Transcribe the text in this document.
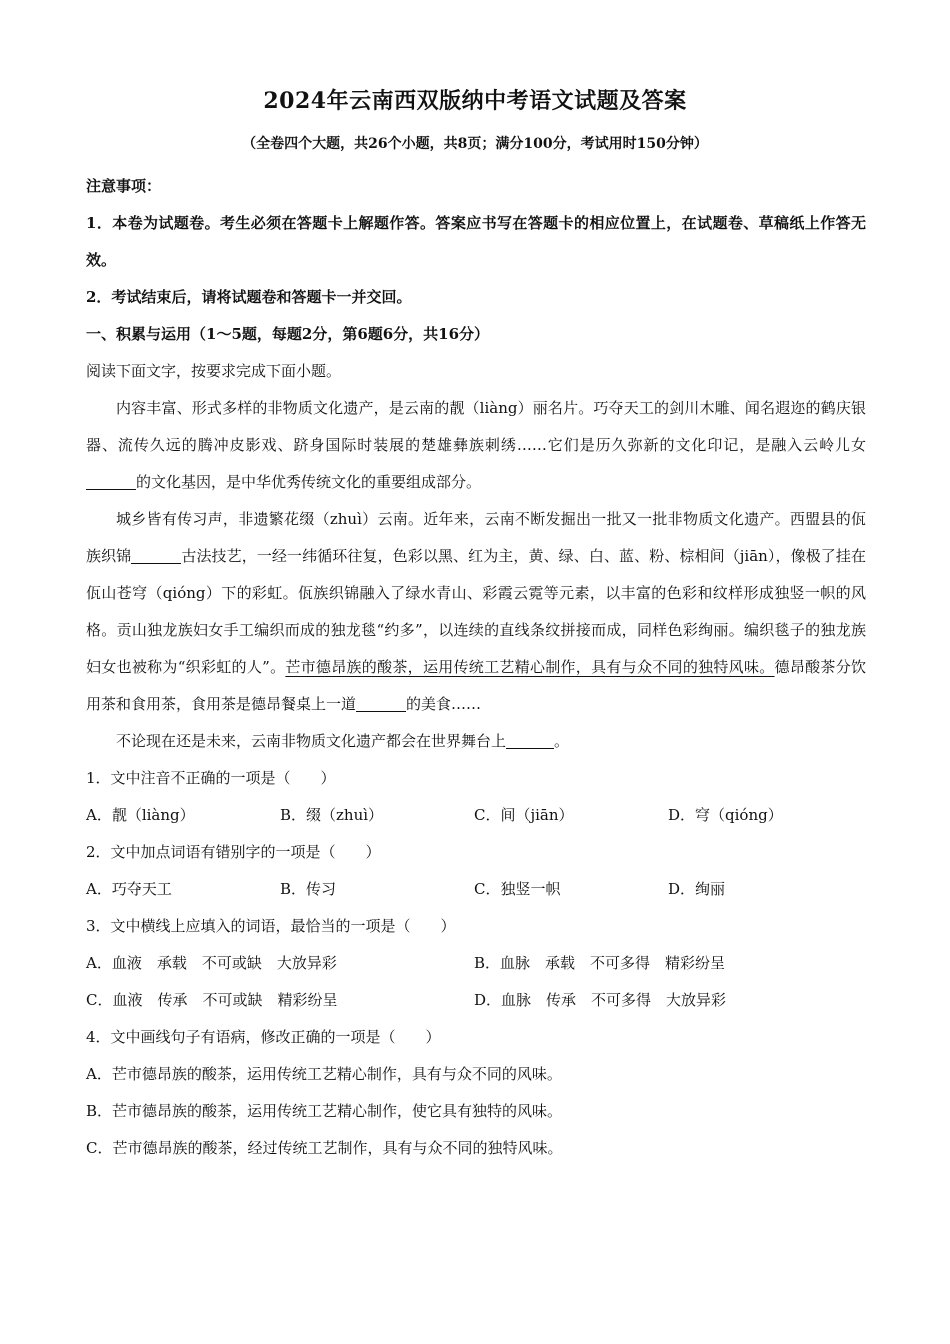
2024年云南西双版纳中考语文试题及答案
（全卷四个大题，共26个小题，共8页；满分100分，考试用时150分钟）
注意事项：
1．本卷为试题卷。考生必须在答题卡上解题作答。答案应书写在答题卡的相应位置上，在试题卷、草稿纸上作答无效。
2．考试结束后，请将试题卷和答题卡一并交回。
一、积累与运用（1～5题，每题2分，第6题6分，共16分）
阅读下面文字，按要求完成下面小题。
内容丰富、形式多样的非物质文化遗产，是云南的靓（liàng）丽名片。巧夺天工的剑川木雕、闻名遐迩的鹤庆银器、流传久远的腾冲皮影戏、跻身国际时装展的楚雄彝族刺绣……它们是历久弥新的文化印记，是融入云岭儿女的文化基因，是中华优秀传统文化的重要组成部分。
城乡皆有传习声，非遗繁花缀（zhuì）云南。近年来，云南不断发掘出一批又一批非物质文化遗产。西盟县的佤族织锦	古法技艺，一经一纬循环往复，色彩以黑、红为主，黄、绿、白、蓝、粉、棕相间（jiān），像极了挂在佤山苍穹（qióng）下的彩虹。佤族织锦融入了绿水青山、彩霞云霓等元素，以丰富的色彩和纹样形成独竖一帜的风格。贡山独龙族妇女手工编织而成的独龙毯“约多”，以连续的直线条纹拼接而成，同样色彩绚丽。编织毯子的独龙族妇女也被称为“织彩虹的人”。芒市德昂族的酸茶，运用传统工艺精心制作，具有与众不同的独特风味。德昂酸茶分饮用茶和食用茶，食用茶是德昂餐桌上一道	的美食……
不论现在还是未来，云南非物质文化遗产都会在世界舞台上	。
1．文中注音不正确的一项是（　　）
A．靓（liàng）	B．缀（zhuì）	C．间（jiān）	D．穹（qióng）
2．文中加点词语有错别字的一项是（　　）
A．巧夺天工	B．传习	C．独竖一帜	D．绚丽
3．文中横线上应填入的词语，最恰当的一项是（　　）
A．血液　承载　不可或缺　大放异彩	B．血脉　承载　不可多得　精彩纷呈
C．血液　传承　不可或缺　精彩纷呈	D．血脉　传承　不可多得　大放异彩
4．文中画线句子有语病，修改正确的一项是（　　）
A．芒市德昂族的酸茶，运用传统工艺精心制作，具有与众不同的风味。
B．芒市德昂族的酸茶，运用传统工艺精心制作，使它具有独特的风味。
C．芒市德昂族的酸茶，经过传统工艺制作，具有与众不同的独特风味。
